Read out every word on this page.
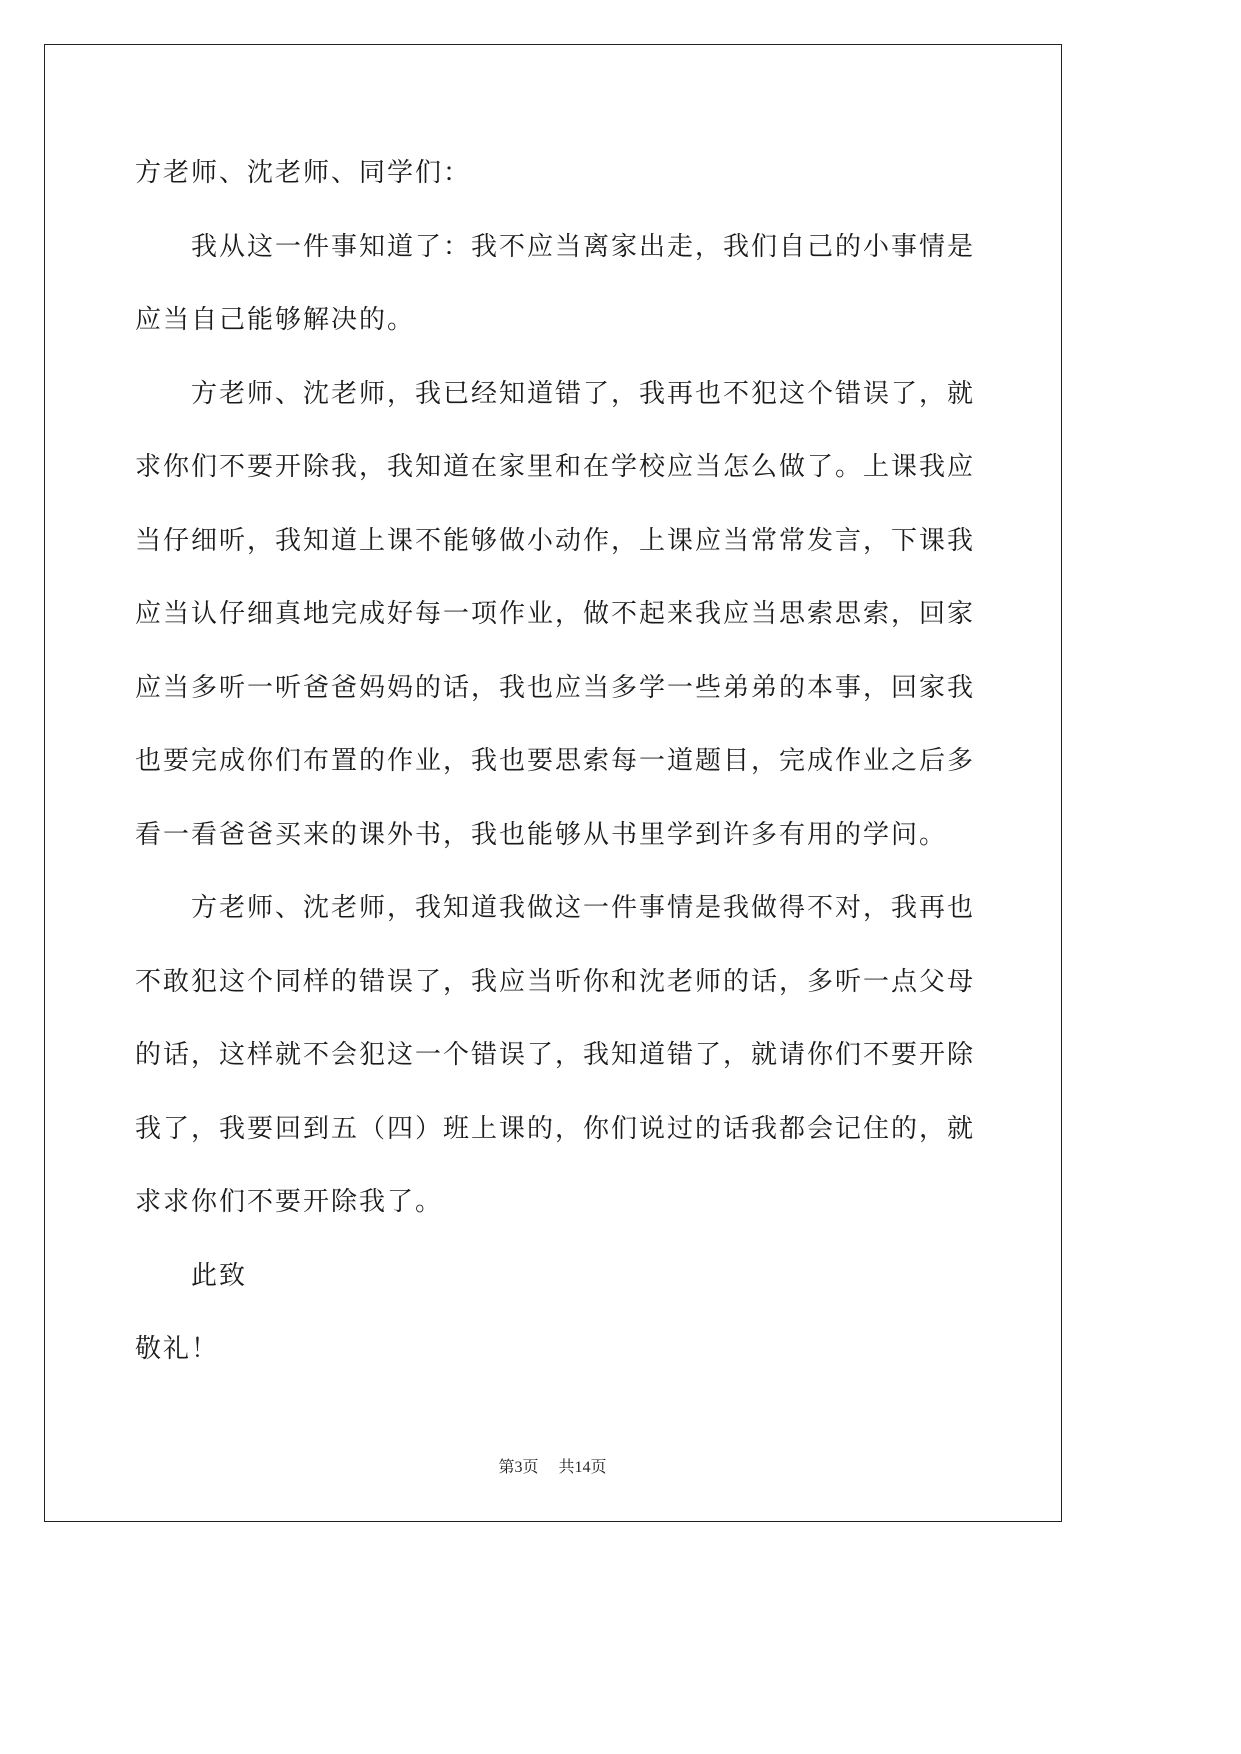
方老师、沈老师、同学们：
我从这一件事知道了：我不应当离家出走，我们自己的小事情是
应当自己能够解决的。
方老师、沈老师，我已经知道错了，我再也不犯这个错误了，就
求你们不要开除我，我知道在家里和在学校应当怎么做了。上课我应
当仔细听，我知道上课不能够做小动作，上课应当常常发言，下课我
应当认仔细真地完成好每一项作业，做不起来我应当思索思索，回家
应当多听一听爸爸妈妈的话，我也应当多学一些弟弟的本事，回家我
也要完成你们布置的作业，我也要思索每一道题目，完成作业之后多
看一看爸爸买来的课外书，我也能够从书里学到许多有用的学问。
方老师、沈老师，我知道我做这一件事情是我做得不对，我再也
不敢犯这个同样的错误了，我应当听你和沈老师的话，多听一点父母
的话，这样就不会犯这一个错误了，我知道错了，就请你们不要开除
我了，我要回到五（四）班上课的，你们说过的话我都会记住的，就
求求你们不要开除我了。
此致
敬礼！
第3页 共14页
